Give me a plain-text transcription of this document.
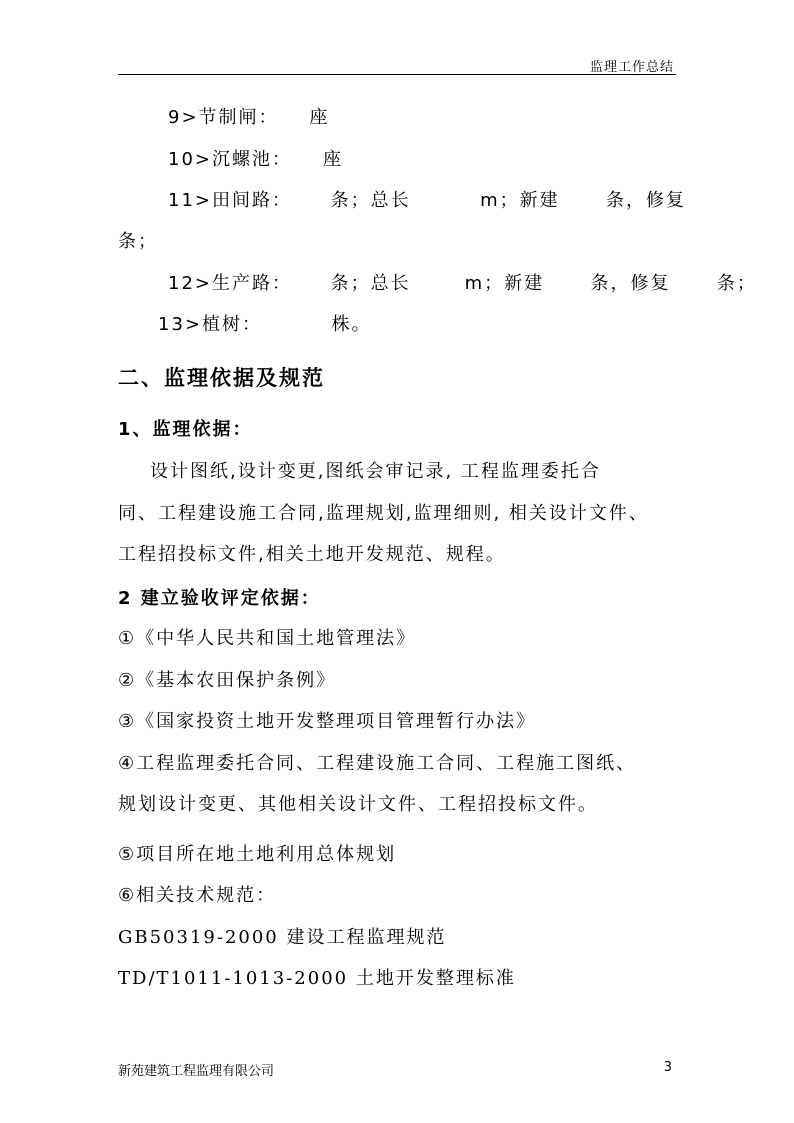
监理工作总结
9>节制闸：    座
10>沉螺池：    座
11>田间路：     条；总长         m；新建      条，修复
条；
12>生产路：     条；总长       m；新建      条，修复      条；
13>植树：         株。
二、监理依据及规范
1、监理依据：
设计图纸,设计变更,图纸会审记录, 工程监理委托合
同、工程建设施工合同,监理规划,监理细则, 相关设计文件、
工程招投标文件,相关土地开发规范、规程。
2 建立验收评定依据：
①《中华人民共和国土地管理法》
②《基本农田保护条例》
③《国家投资土地开发整理项目管理暂行办法》
④工程监理委托合同、工程建设施工合同、工程施工图纸、
规划设计变更、其他相关设计文件、工程招投标文件。
⑤项目所在地土地利用总体规划
⑥相关技术规范：
GB50319-2000 建设工程监理规范
TD/T1011-1013-2000 土地开发整理标准
新苑建筑工程监理有限公司	3
